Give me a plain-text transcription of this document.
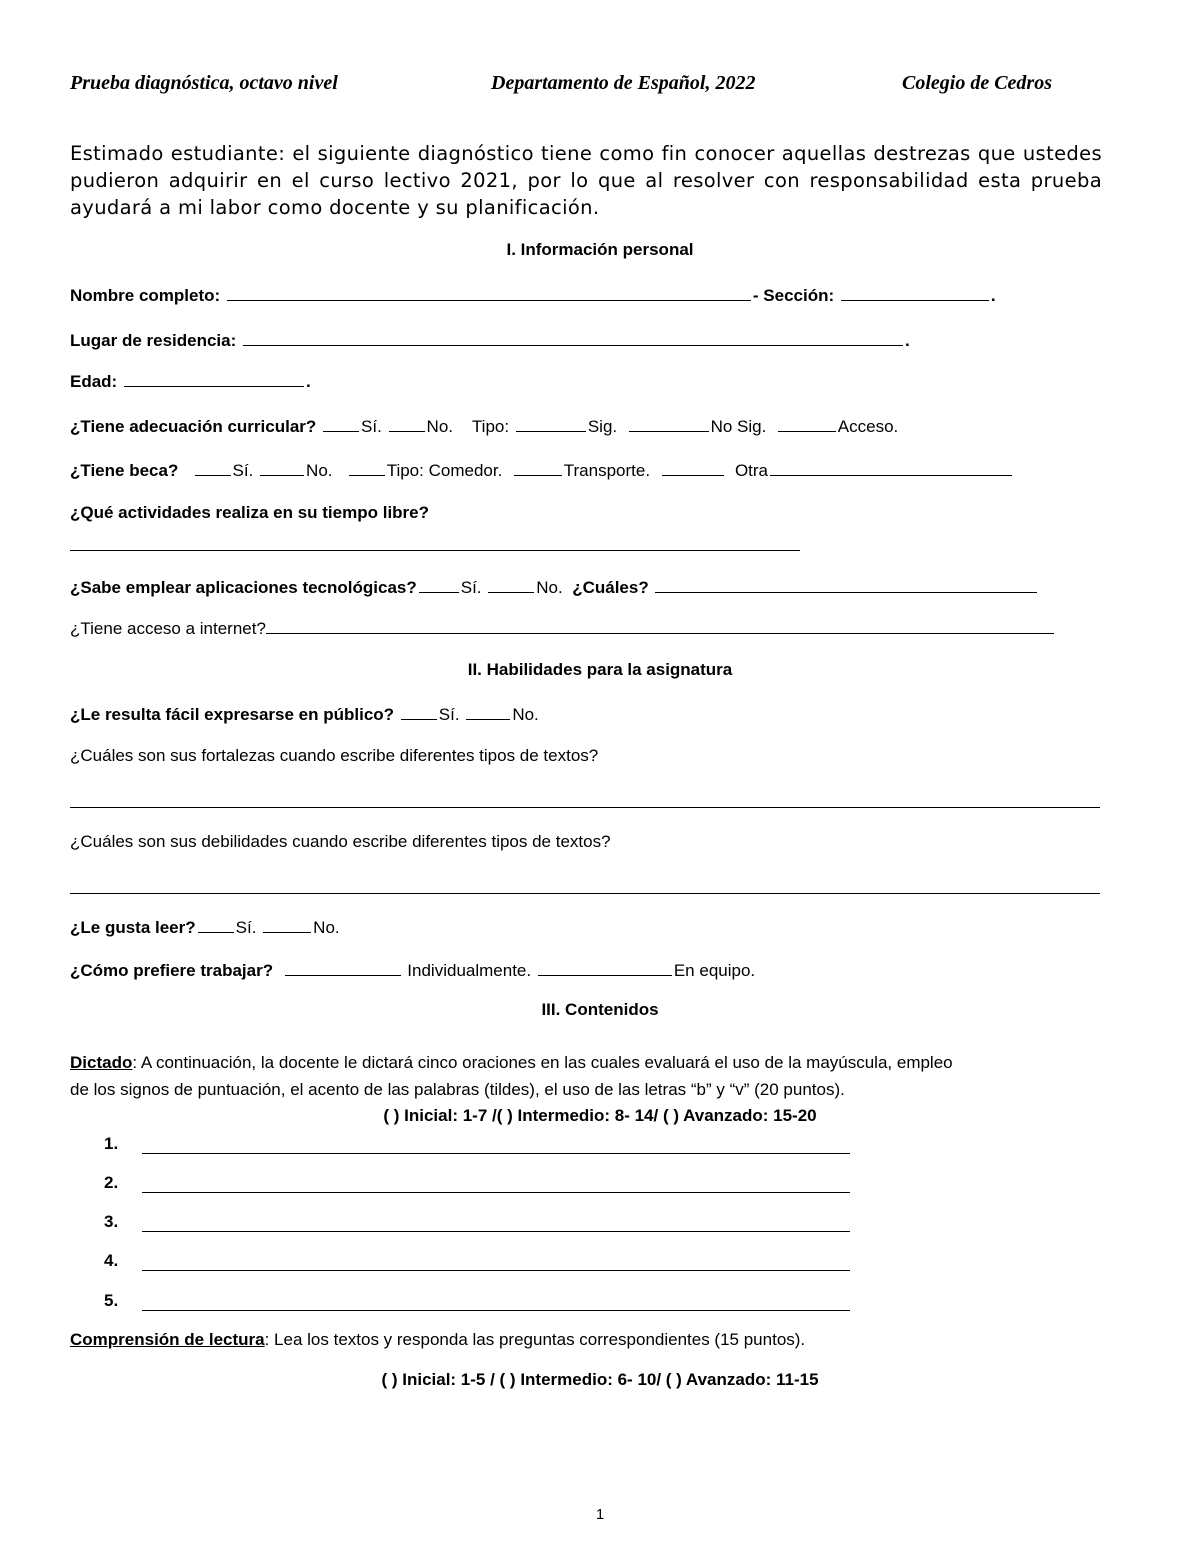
Prueba diagnóstica, octavo nivel	Departamento de Español, 2022	Colegio de Cedros
Estimado estudiante: el siguiente diagnóstico tiene como fin conocer aquellas destrezas que ustedes pudieron adquirir en el curso lectivo 2021, por lo que al resolver con responsabilidad esta prueba ayudará a mi labor como docente y su planificación.
I. Información personal
Nombre completo:	- Sección:	.
Lugar de residencia:	.
Edad:	.
¿Tiene adecuación curricular?	Sí.	No. Tipo:	Sig.	No Sig.	Acceso.
¿Tiene beca?	Sí.	No.	Tipo: Comedor.	Transporte.	Otra
¿Qué actividades realiza en su tiempo libre?
¿Sabe emplear aplicaciones tecnológicas?	Sí.	No. ¿Cuáles?
¿Tiene acceso a internet?
II. Habilidades para la asignatura
¿Le resulta fácil expresarse en público?	Sí.	No.
¿Cuáles son sus fortalezas cuando escribe diferentes tipos de textos?
¿Cuáles son sus debilidades cuando escribe diferentes tipos de textos?
¿Le gusta leer? Sí.	No.
¿Cómo prefiere trabajar?	Individualmente.	En equipo.
III. Contenidos
Dictado: A continuación, la docente le dictará cinco oraciones en las cuales evaluará el uso de la mayúscula, empleo
de los signos de puntuación, el acento de las palabras (tildes), el uso de las letras “b” y “v” (20 puntos).
( ) Inicial: 1-7 /( ) Intermedio: 8- 14/ ( ) Avanzado: 15-20
1.
2.
3.
4.
5.
Comprensión de lectura: Lea los textos y responda las preguntas correspondientes (15 puntos).
( ) Inicial: 1-5 / ( ) Intermedio: 6- 10/ ( ) Avanzado: 11-15
1
